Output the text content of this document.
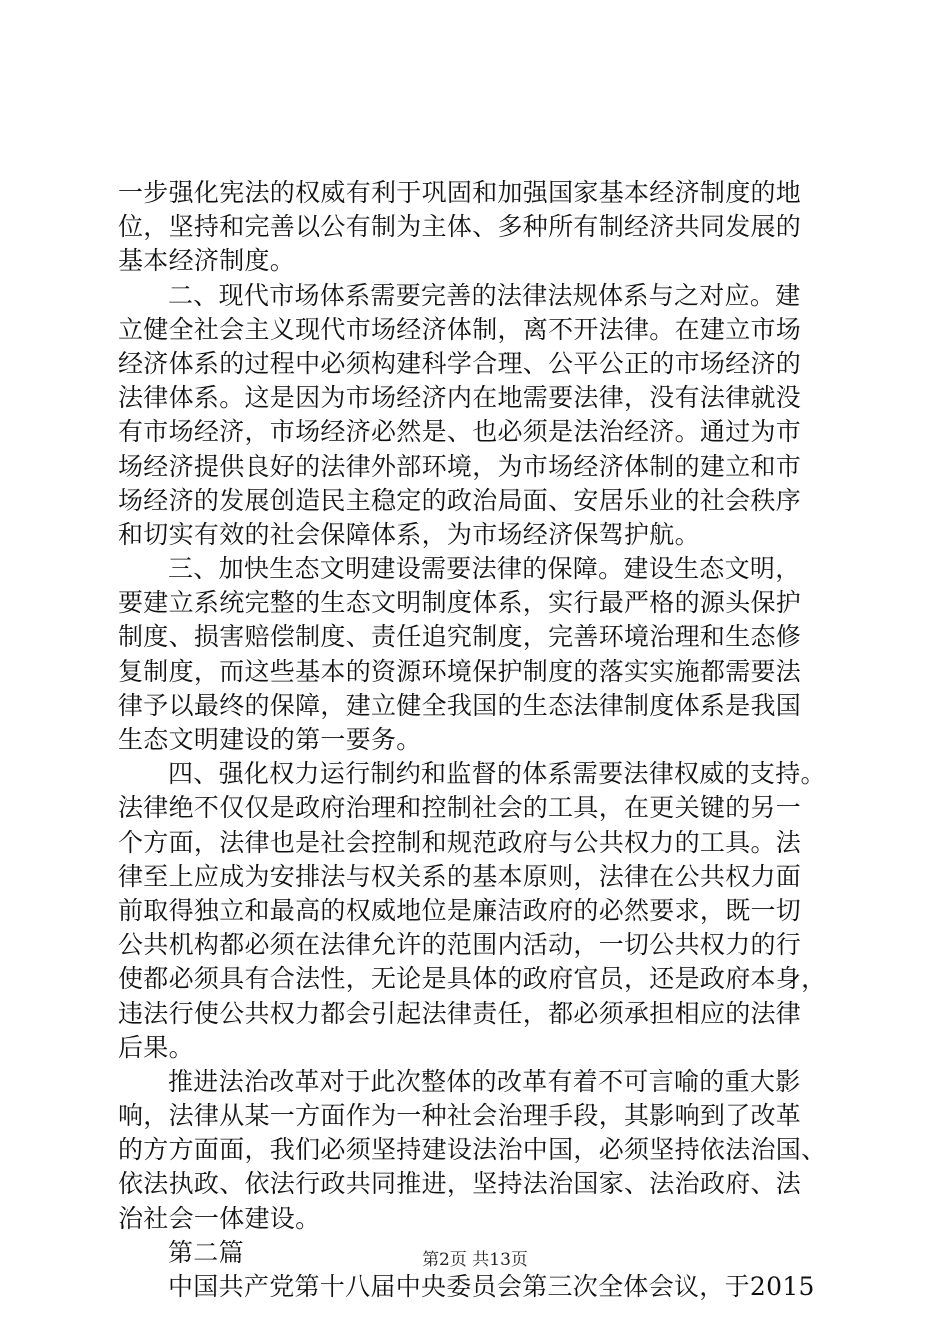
一步强化宪法的权威有利于巩固和加强国家基本经济制度的地
位，坚持和完善以公有制为主体、多种所有制经济共同发展的
基本经济制度。
二、现代市场体系需要完善的法律法规体系与之对应。建
立健全社会主义现代市场经济体制，离不开法律。在建立市场
经济体系的过程中必须构建科学合理、公平公正的市场经济的
法律体系。这是因为市场经济内在地需要法律，没有法律就没
有市场经济，市场经济必然是、也必须是法治经济。通过为市
场经济提供良好的法律外部环境，为市场经济体制的建立和市
场经济的发展创造民主稳定的政治局面、安居乐业的社会秩序
和切实有效的社会保障体系，为市场经济保驾护航。
三、加快生态文明建设需要法律的保障。建设生态文明，
要建立系统完整的生态文明制度体系，实行最严格的源头保护
制度、损害赔偿制度、责任追究制度，完善环境治理和生态修
复制度，而这些基本的资源环境保护制度的落实实施都需要法
律予以最终的保障，建立健全我国的生态法律制度体系是我国
生态文明建设的第一要务。
四、强化权力运行制约和监督的体系需要法律权威的支持。
法律绝不仅仅是政府治理和控制社会的工具，在更关键的另一
个方面，法律也是社会控制和规范政府与公共权力的工具。法
律至上应成为安排法与权关系的基本原则，法律在公共权力面
前取得独立和最高的权威地位是廉洁政府的必然要求，既一切
公共机构都必须在法律允许的范围内活动，一切公共权力的行
使都必须具有合法性，无论是具体的政府官员，还是政府本身，
违法行使公共权力都会引起法律责任，都必须承担相应的法律
后果。
推进法治改革对于此次整体的改革有着不可言喻的重大影
响，法律从某一方面作为一种社会治理手段，其影响到了改革
的方方面面，我们必须坚持建设法治中国，必须坚持依法治国、
依法执政、依法行政共同推进，坚持法治国家、法治政府、法
治社会一体建设。
第二篇
中国共产党第十八届中央委员会第三次全体会议，于2015
第2页 共13页
